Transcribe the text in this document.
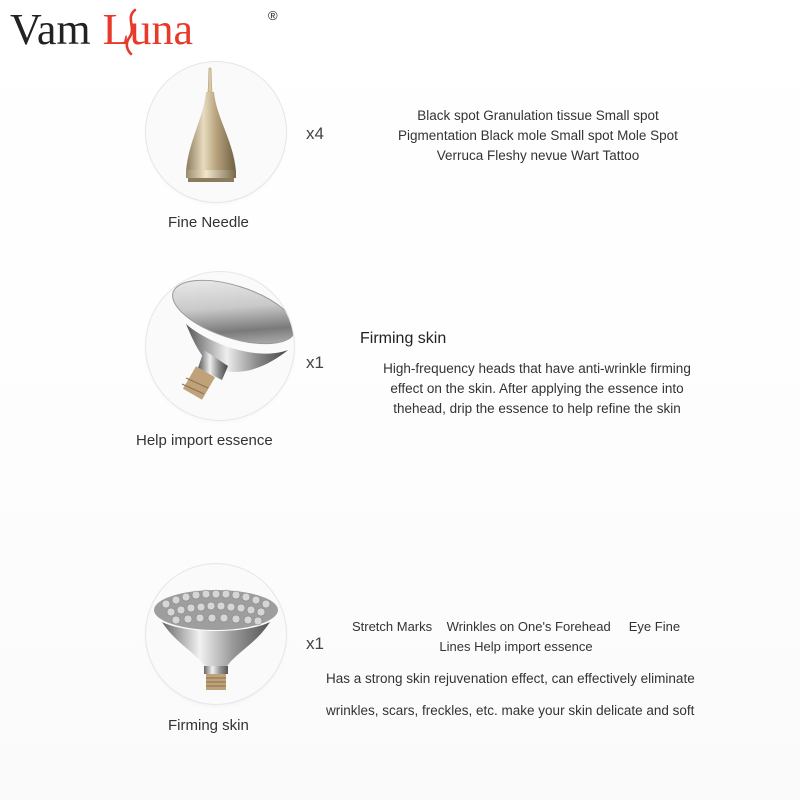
Vam Luna	®
x4
Fine Needle
Black spot Granulation tissue Small spot
Pigmentation Black mole Small spot Mole Spot
Verruca Fleshy nevue Wart Tattoo
x1
Help import essence
Firming skin
High-frequency heads that have anti-wrinkle firming
effect on the skin. After applying the essence into
thehead, drip the essence to help refine the skin
x1
Firming skin
Stretch Marks    Wrinkles on One's Forehead     Eye Fine
Lines Help import essence
Has a strong skin rejuvenation effect, can effectively eliminate
wrinkles, scars, freckles, etc. make your skin delicate and soft
